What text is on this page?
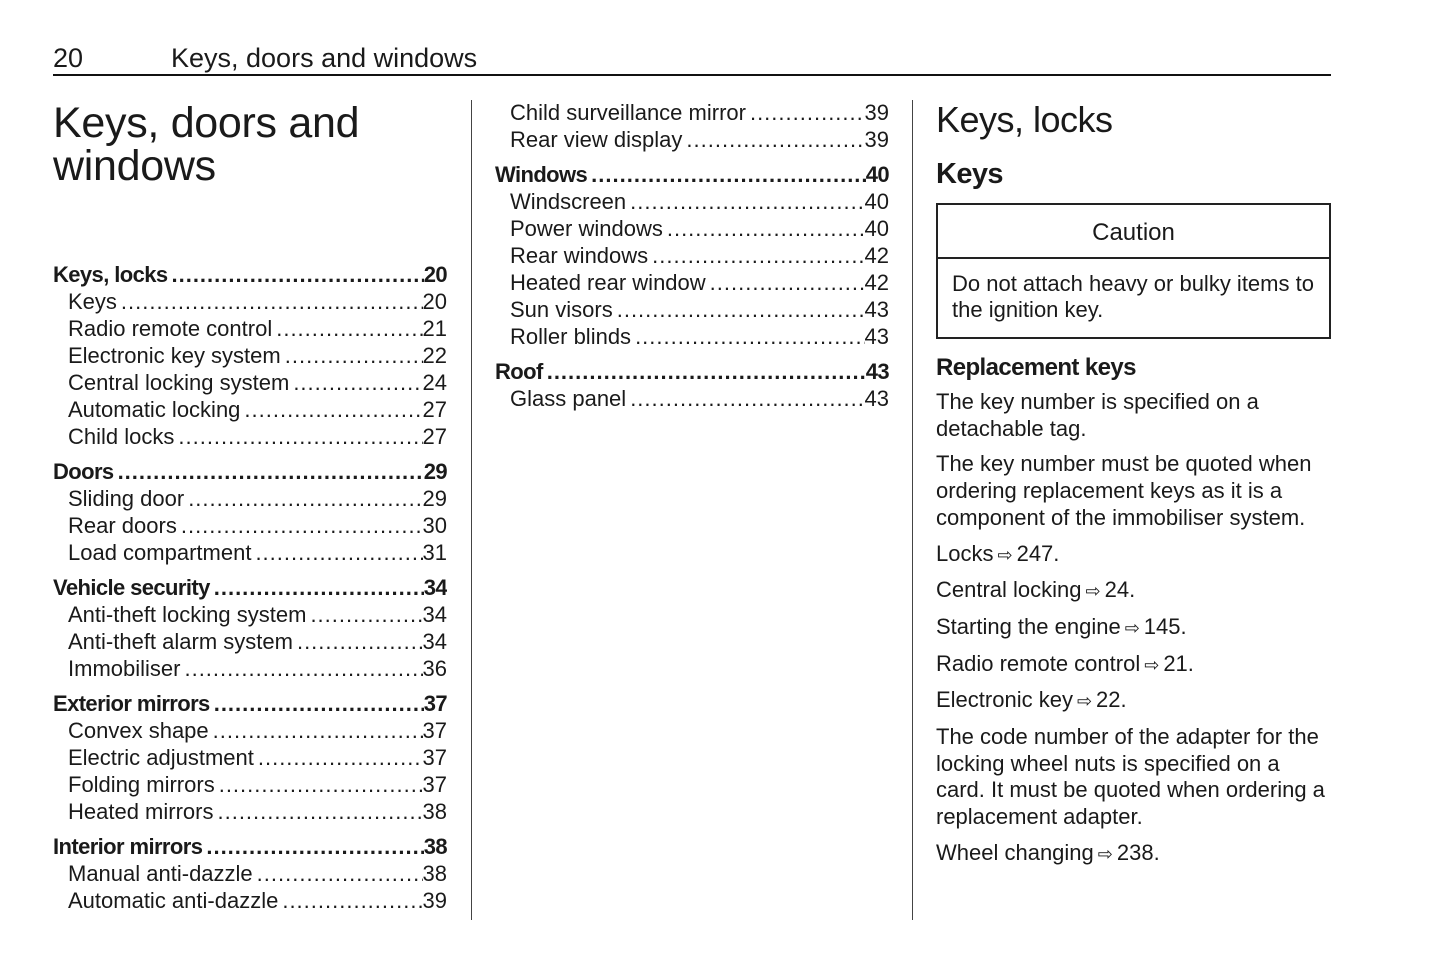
20	Keys, doors and windows
Keys, doors and windows
Keys, locks .....	20
Keys .....	20
Radio remote control .....	21
Electronic key system .....	22
Central locking system .....	24
Automatic locking .....	27
Child locks .....	27
Doors .....	29
Sliding door .....	29
Rear doors .....	30
Load compartment .....	31
Vehicle security .....	34
Anti-theft locking system .....	34
Anti-theft alarm system .....	34
Immobiliser .....	36
Exterior mirrors .....	37
Convex shape .....	37
Electric adjustment .....	37
Folding mirrors .....	37
Heated mirrors .....	38
Interior mirrors .....	38
Manual anti-dazzle .....	38
Automatic anti-dazzle .....	39
Child surveillance mirror .....	39
Rear view display .....	39
Windows .....	40
Windscreen .....	40
Power windows .....	40
Rear windows .....	42
Heated rear window .....	42
Sun visors .....	43
Roller blinds .....	43
Roof .....	43
Glass panel .....	43
Keys, locks
Keys
Caution
Do not attach heavy or bulky items to the ignition key.
Replacement keys
The key number is specified on a detachable tag.
The key number must be quoted when ordering replacement keys as it is a component of the immobiliser system.
Locks ⇨ 247.
Central locking ⇨ 24.
Starting the engine ⇨ 145.
Radio remote control ⇨ 21.
Electronic key ⇨ 22.
The code number of the adapter for the locking wheel nuts is specified on a card. It must be quoted when ordering a replacement adapter.
Wheel changing ⇨ 238.
